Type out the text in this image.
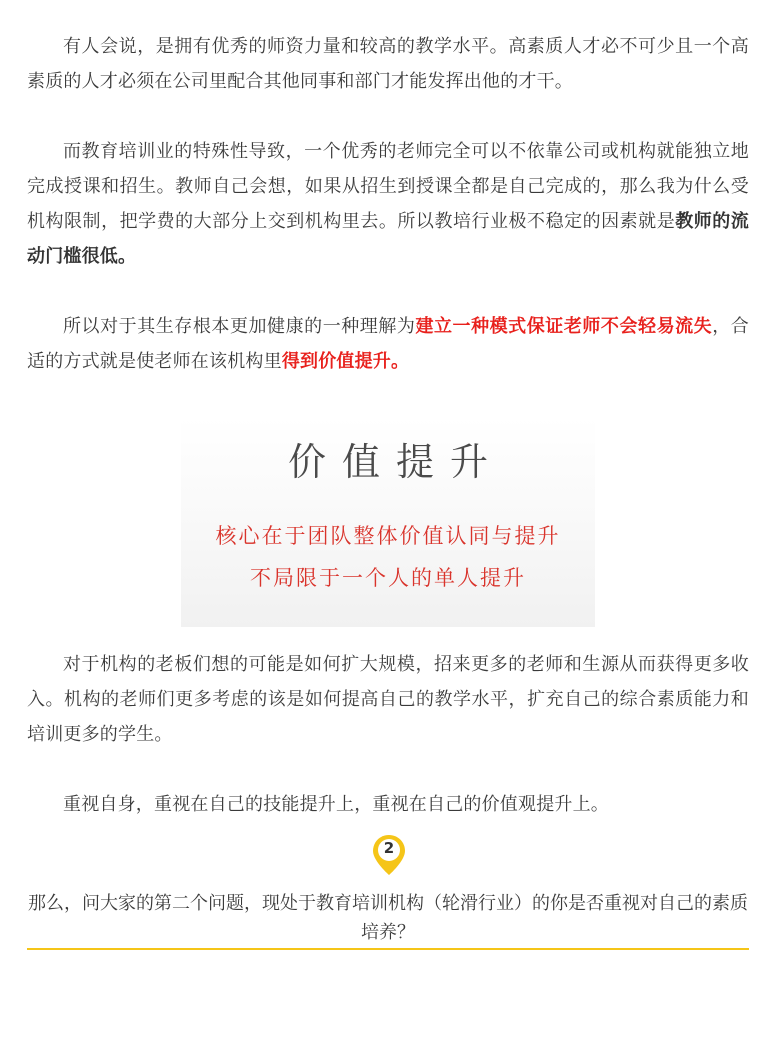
有人会说，是拥有优秀的师资力量和较高的教学水平。高素质人才必不可少且一个高素质的人才必须在公司里配合其他同事和部门才能发挥出他的才干。

而教育培训业的特殊性导致，一个优秀的老师完全可以不依靠公司或机构就能独立地完成授课和招生。教师自己会想，如果从招生到授课全都是自己完成的，那么我为什么受机构限制，把学费的大部分上交到机构里去。所以教培行业极不稳定的因素就是教师的流动门槛很低。

所以对于其生存根本更加健康的一种理解为建立一种模式保证老师不会轻易流失，合适的方式就是使老师在该机构里得到价值提升。

价值提升
核心在于团队整体价值认同与提升
不局限于一个人的单人提升

对于机构的老板们想的可能是如何扩大规模，招来更多的老师和生源从而获得更多收入。机构的老师们更多考虑的该是如何提高自己的教学水平，扩充自己的综合素质能力和培训更多的学生。

重视自身，重视在自己的技能提升上，重视在自己的价值观提升上。

2
那么，问大家的第二个问题，现处于教育培训机构（轮滑行业）的你是否重视对自己的素质培养？
